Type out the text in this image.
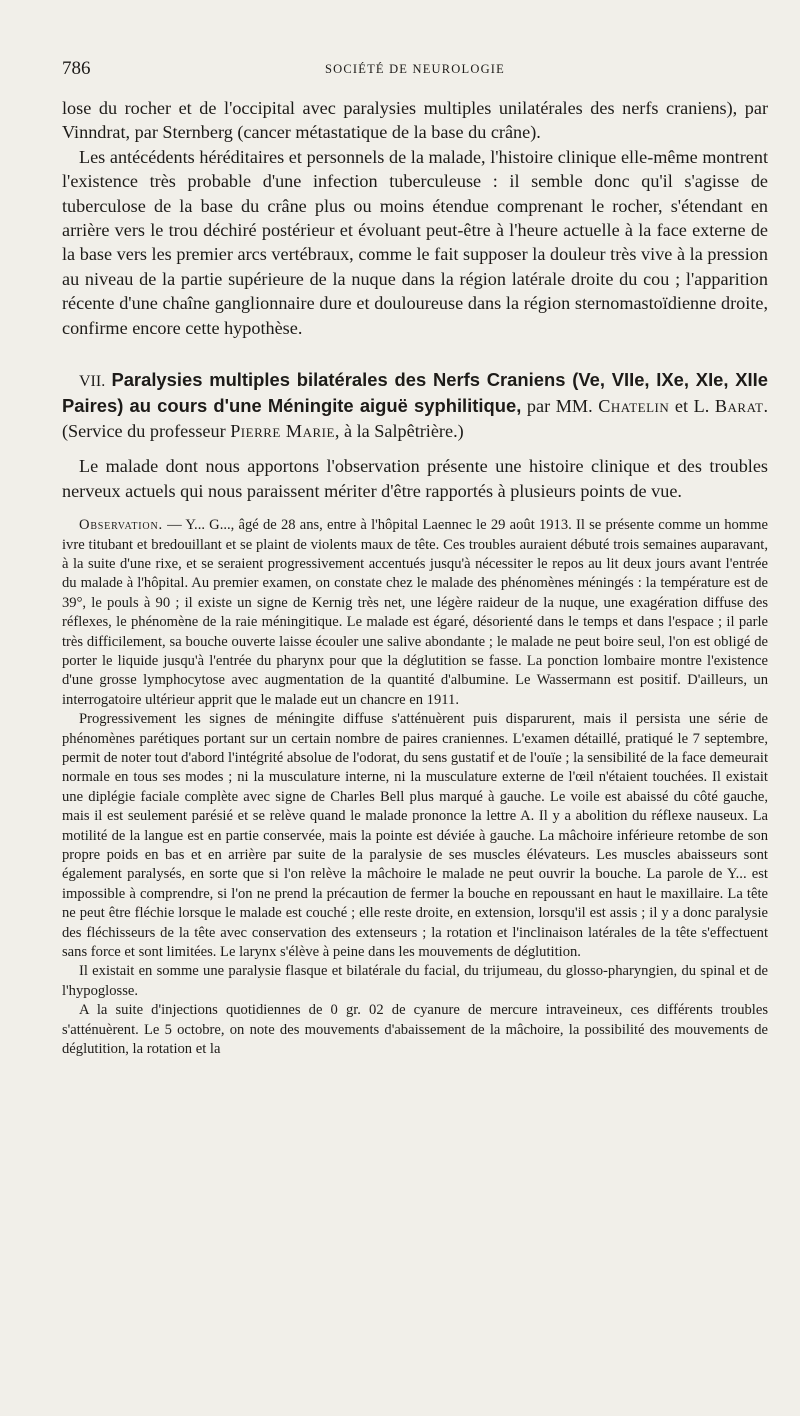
786	SOCIÉTÉ DE NEUROLOGIE

lose du rocher et de l'occipital avec paralysies multiples unilatérales des nerfs craniens), par Vinndrat, par Sternberg (cancer métastatique de la base du crâne).

Les antécédents héréditaires et personnels de la malade, l'histoire clinique elle-même montrent l'existence très probable d'une infection tuberculeuse : il semble donc qu'il s'agisse de tuberculose de la base du crâne plus ou moins étendue comprenant le rocher, s'étendant en arrière vers le trou déchiré postérieur et évoluant peut-être à l'heure actuelle à la face externe de la base vers les premier arcs vertébraux, comme le fait supposer la douleur très vive à la pression au niveau de la partie supérieure de la nuque dans la région latérale droite du cou ; l'apparition récente d'une chaîne ganglionnaire dure et douloureuse dans la région sternomastoïdienne droite, confirme encore cette hypothèse.

VII. Paralysies multiples bilatérales des Nerfs Craniens (Ve, VIIe, IXe, XIe, XIIe Paires) au cours d'une Méningite aiguë syphilitique, par MM. Chatelin et L. Barat. (Service du professeur Pierre Marie, à la Salpêtrière.)

Le malade dont nous apportons l'observation présente une histoire clinique et des troubles nerveux actuels qui nous paraissent mériter d'être rapportés à plusieurs points de vue.

Observation. — Y... G..., âgé de 28 ans, entre à l'hôpital Laennec le 29 août 1913. Il se présente comme un homme ivre titubant et bredouillant et se plaint de violents maux de tête. Ces troubles auraient débuté trois semaines auparavant, à la suite d'une rixe, et se seraient progressivement accentués jusqu'à nécessiter le repos au lit deux jours avant l'entrée du malade à l'hôpital. Au premier examen, on constate chez le malade des phénomènes méningés : la température est de 39°, le pouls à 90 ; il existe un signe de Kernig très net, une légère raideur de la nuque, une exagération diffuse des réflexes, le phénomène de la raie méningitique. Le malade est égaré, désorienté dans le temps et dans l'espace ; il parle très difficilement, sa bouche ouverte laisse écouler une salive abondante ; le malade ne peut boire seul, l'on est obligé de porter le liquide jusqu'à l'entrée du pharynx pour que la déglutition se fasse. La ponction lombaire montre l'existence d'une grosse lymphocytose avec augmentation de la quantité d'albumine. Le Wassermann est positif. D'ailleurs, un interrogatoire ultérieur apprit que le malade eut un chancre en 1911.

Progressivement les signes de méningite diffuse s'atténuèrent puis disparurent, mais il persista une série de phénomènes parétiques portant sur un certain nombre de paires craniennes. L'examen détaillé, pratiqué le 7 septembre, permit de noter tout d'abord l'intégrité absolue de l'odorat, du sens gustatif et de l'ouïe ; la sensibilité de la face demeurait normale en tous ses modes ; ni la musculature interne, ni la musculature externe de l'œil n'étaient touchées. Il existait une diplégie faciale complète avec signe de Charles Bell plus marqué à gauche. Le voile est abaissé du côté gauche, mais il est seulement parésié et se relève quand le malade prononce la lettre A. Il y a abolition du réflexe nauseux. La motilité de la langue est en partie conservée, mais la pointe est déviée à gauche. La mâchoire inférieure retombe de son propre poids en bas et en arrière par suite de la paralysie de ses muscles élévateurs. Les muscles abaisseurs sont également paralysés, en sorte que si l'on relève la mâchoire le malade ne peut ouvrir la bouche. La parole de Y... est impossible à comprendre, si l'on ne prend la précaution de fermer la bouche en repoussant en haut le maxillaire. La tête ne peut être fléchie lorsque le malade est couché ; elle reste droite, en extension, lorsqu'il est assis ; il y a donc paralysie des fléchisseurs de la tête avec conservation des extenseurs ; la rotation et l'inclinaison latérales de la tête s'effectuent sans force et sont limitées. Le larynx s'élève à peine dans les mouvements de déglutition.

Il existait en somme une paralysie flasque et bilatérale du facial, du trijumeau, du glosso-pharyngien, du spinal et de l'hypoglosse.

A la suite d'injections quotidiennes de 0 gr. 02 de cyanure de mercure intraveineux, ces différents troubles s'atténuèrent. Le 5 octobre, on note des mouvements d'abaissement de la mâchoire, la possibilité des mouvements de déglutition, la rotation et la
